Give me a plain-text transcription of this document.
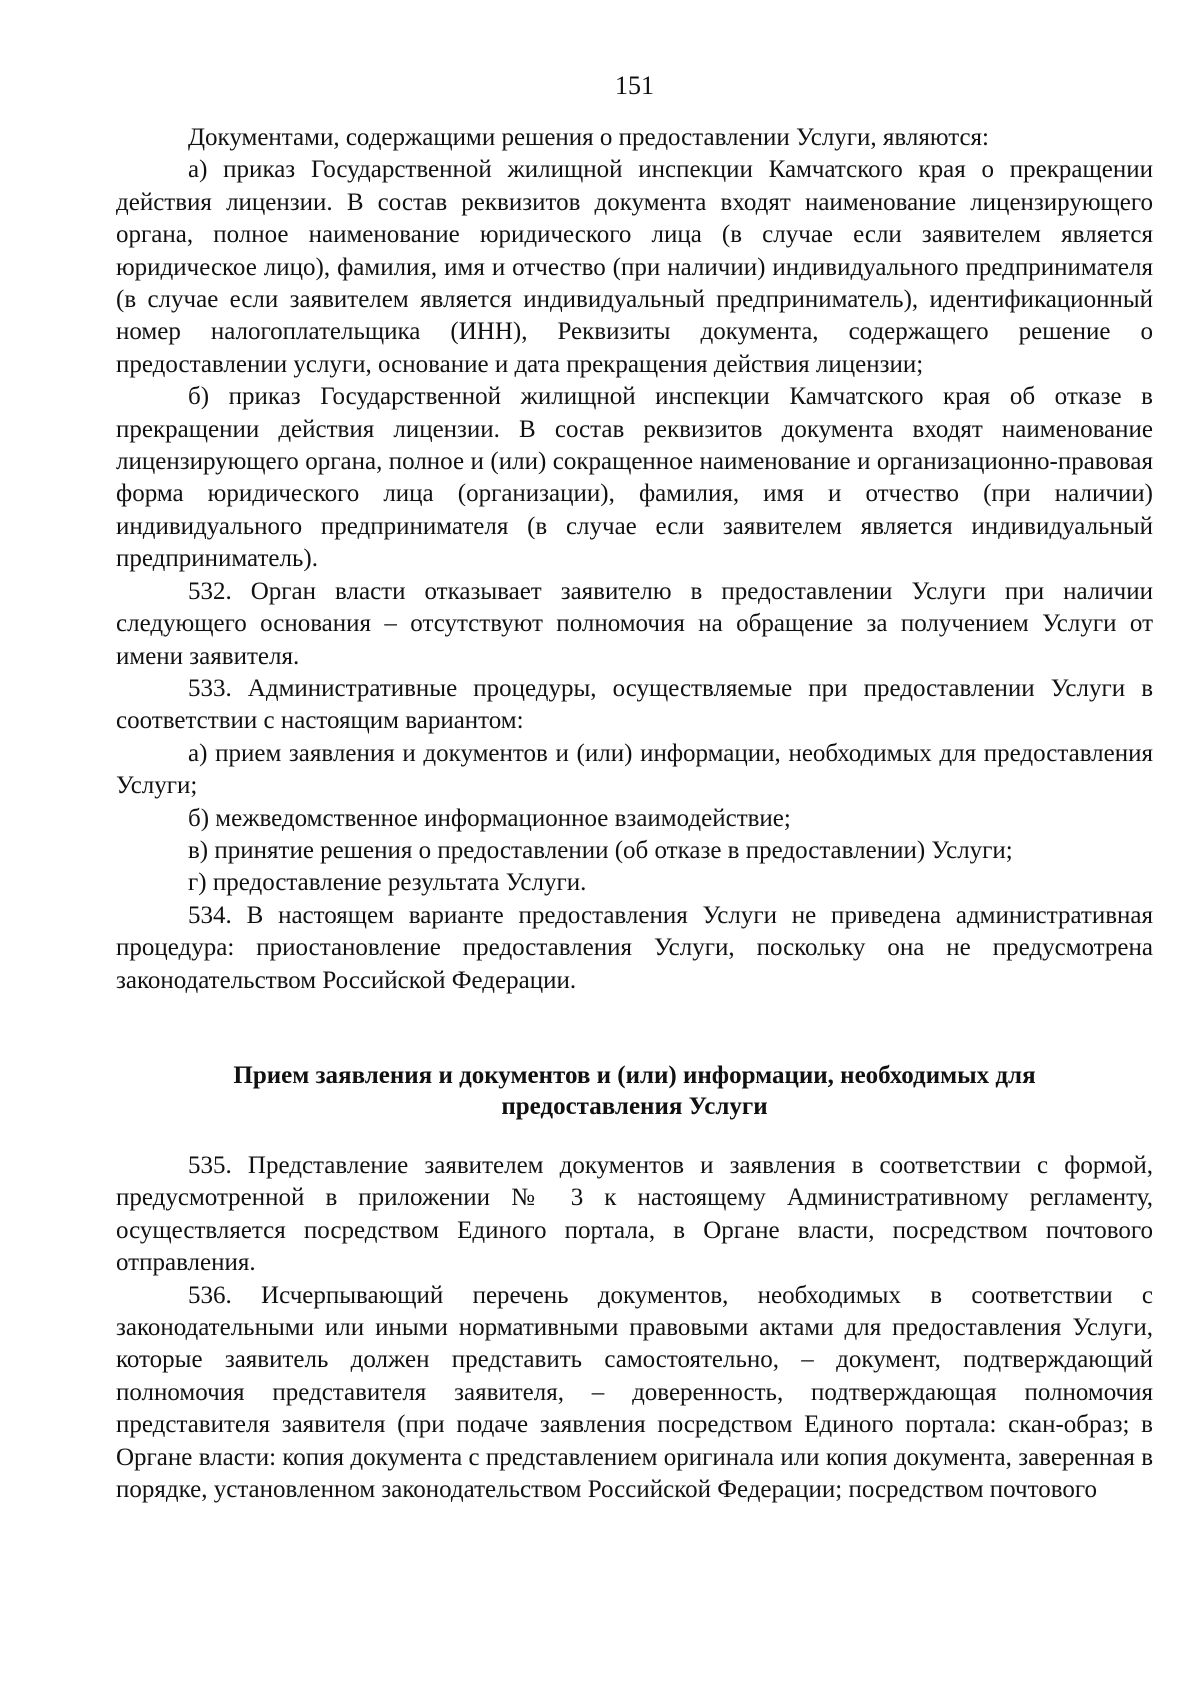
151

Документами, содержащими решения о предоставлении Услуги, являются:

а) приказ Государственной жилищной инспекции Камчатского края о прекращении действия лицензии. В состав реквизитов документа входят наименование лицензирующего органа, полное наименование юридического лица (в случае если заявителем является юридическое лицо), фамилия, имя и отчество (при наличии) индивидуального предпринимателя (в случае если заявителем является индивидуальный предприниматель), идентификационный номер налогоплательщика (ИНН), Реквизиты документа, содержащего решение о предоставлении услуги, основание и дата прекращения действия лицензии;

б) приказ Государственной жилищной инспекции Камчатского края об отказе в прекращении действия лицензии. В состав реквизитов документа входят наименование лицензирующего органа, полное и (или) сокращенное наименование и организационно-правовая форма юридического лица (организации), фамилия, имя и отчество (при наличии) индивидуального предпринимателя (в случае если заявителем является индивидуальный предприниматель).

532. Орган власти отказывает заявителю в предоставлении Услуги при наличии следующего основания – отсутствуют полномочия на обращение за получением Услуги от имени заявителя.

533. Административные процедуры, осуществляемые при предоставлении Услуги в соответствии с настоящим вариантом:

а) прием заявления и документов и (или) информации, необходимых для предоставления Услуги;

б) межведомственное информационное взаимодействие;

в) принятие решения о предоставлении (об отказе в предоставлении) Услуги;

г) предоставление результата Услуги.

534. В настоящем варианте предоставления Услуги не приведена административная процедура: приостановление предоставления Услуги, поскольку она не предусмотрена законодательством Российской Федерации.

Прием заявления и документов и (или) информации, необходимых для предоставления Услуги

535. Представление заявителем документов и заявления в соответствии с формой, предусмотренной в приложении № 3 к настоящему Административному регламенту, осуществляется посредством Единого портала, в Органе власти, посредством почтового отправления.

536. Исчерпывающий перечень документов, необходимых в соответствии с законодательными или иными нормативными правовыми актами для предоставления Услуги, которые заявитель должен представить самостоятельно, – документ, подтверждающий полномочия представителя заявителя, – доверенность, подтверждающая полномочия представителя заявителя (при подаче заявления посредством Единого портала: скан-образ; в Органе власти: копия документа с представлением оригинала или копия документа, заверенная в порядке, установленном законодательством Российской Федерации; посредством почтового
